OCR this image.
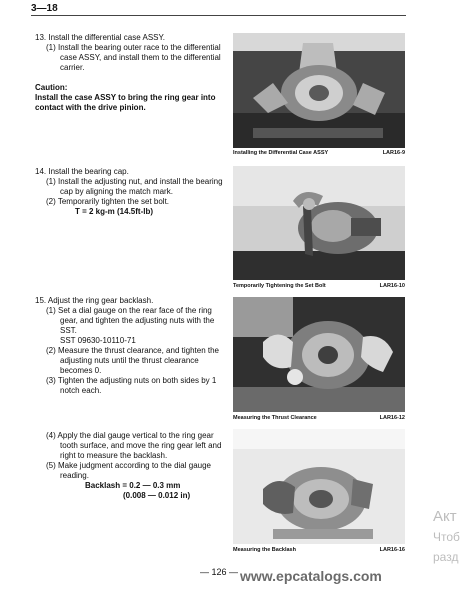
3—18
13. Install the differential case ASSY.
(1) Install the bearing outer race to the differential case ASSY, and install them to the differential carrier.
Caution:
Install the case ASSY to bring the ring gear into contact with the drive pinion.
14. Install the bearing cap.
(1) Install the adjusting nut, and install the bearing cap by aligning the match mark.
(2) Temporarily tighten the set bolt.
T = 2 kg-m (14.5ft-lb)
15. Adjust the ring gear backlash.
(1) Set a dial gauge on the rear face of the ring gear, and tighten the adjusting nuts with the SST.
SST 09630-10110-71
(2) Measure the thrust clearance, and tighten the adjusting nuts until the thrust clearance becomes 0.
(3) Tighten the adjusting nuts on both sides by 1 notch each.
(4) Apply the dial gauge vertical to the ring gear tooth surface, and move the ring gear left and right to measure the backlash.
(5) Make judgment according to the dial gauge reading.
Backlash = 0.2 — 0.3 mm
(0.008 — 0.012 in)
Installing the Differential Case ASSY	LAR16-9
Temporarily Tightening the Set Bolt	LAR16-10
Measuring the Thrust Clearance	LAR16-12
Measuring the Backlash	LAR16-16
— 126 — www.epcatalogs.com
Акт
Чтоб
разд
